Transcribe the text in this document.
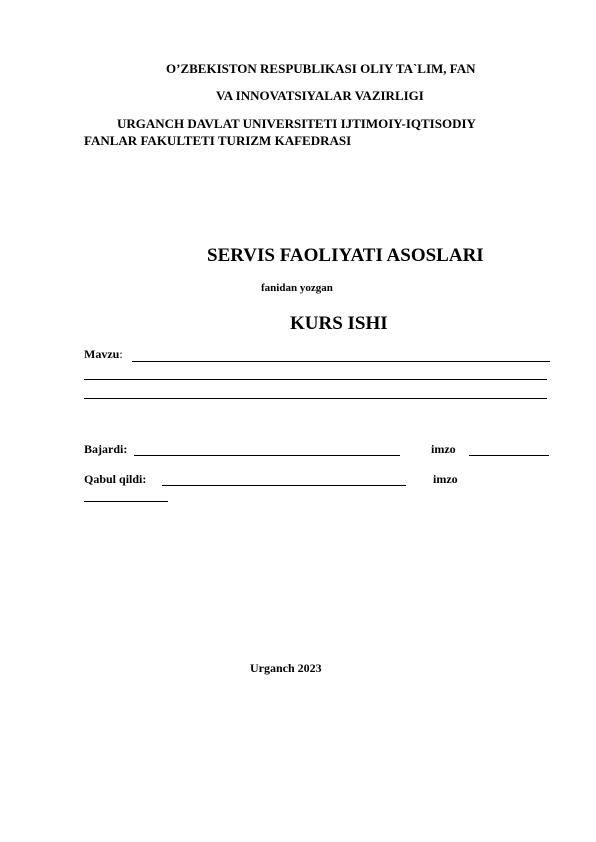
O’ZBEKISTON RESPUBLIKASI OLIY TA`LIM, FAN
VA INNOVATSIYALAR VAZIRLIGI
URGANCH DAVLAT UNIVERSITETI IJTIMOIY-IQTISODIY
FANLAR FAKULTETI TURIZM KAFEDRASI
SERVIS FAOLIYATI ASOSLARI
fanidan yozgan
KURS ISHI
Mavzu:
Bajardi:	imzo
Qabul qildi:	imzo
Urganch 2023
